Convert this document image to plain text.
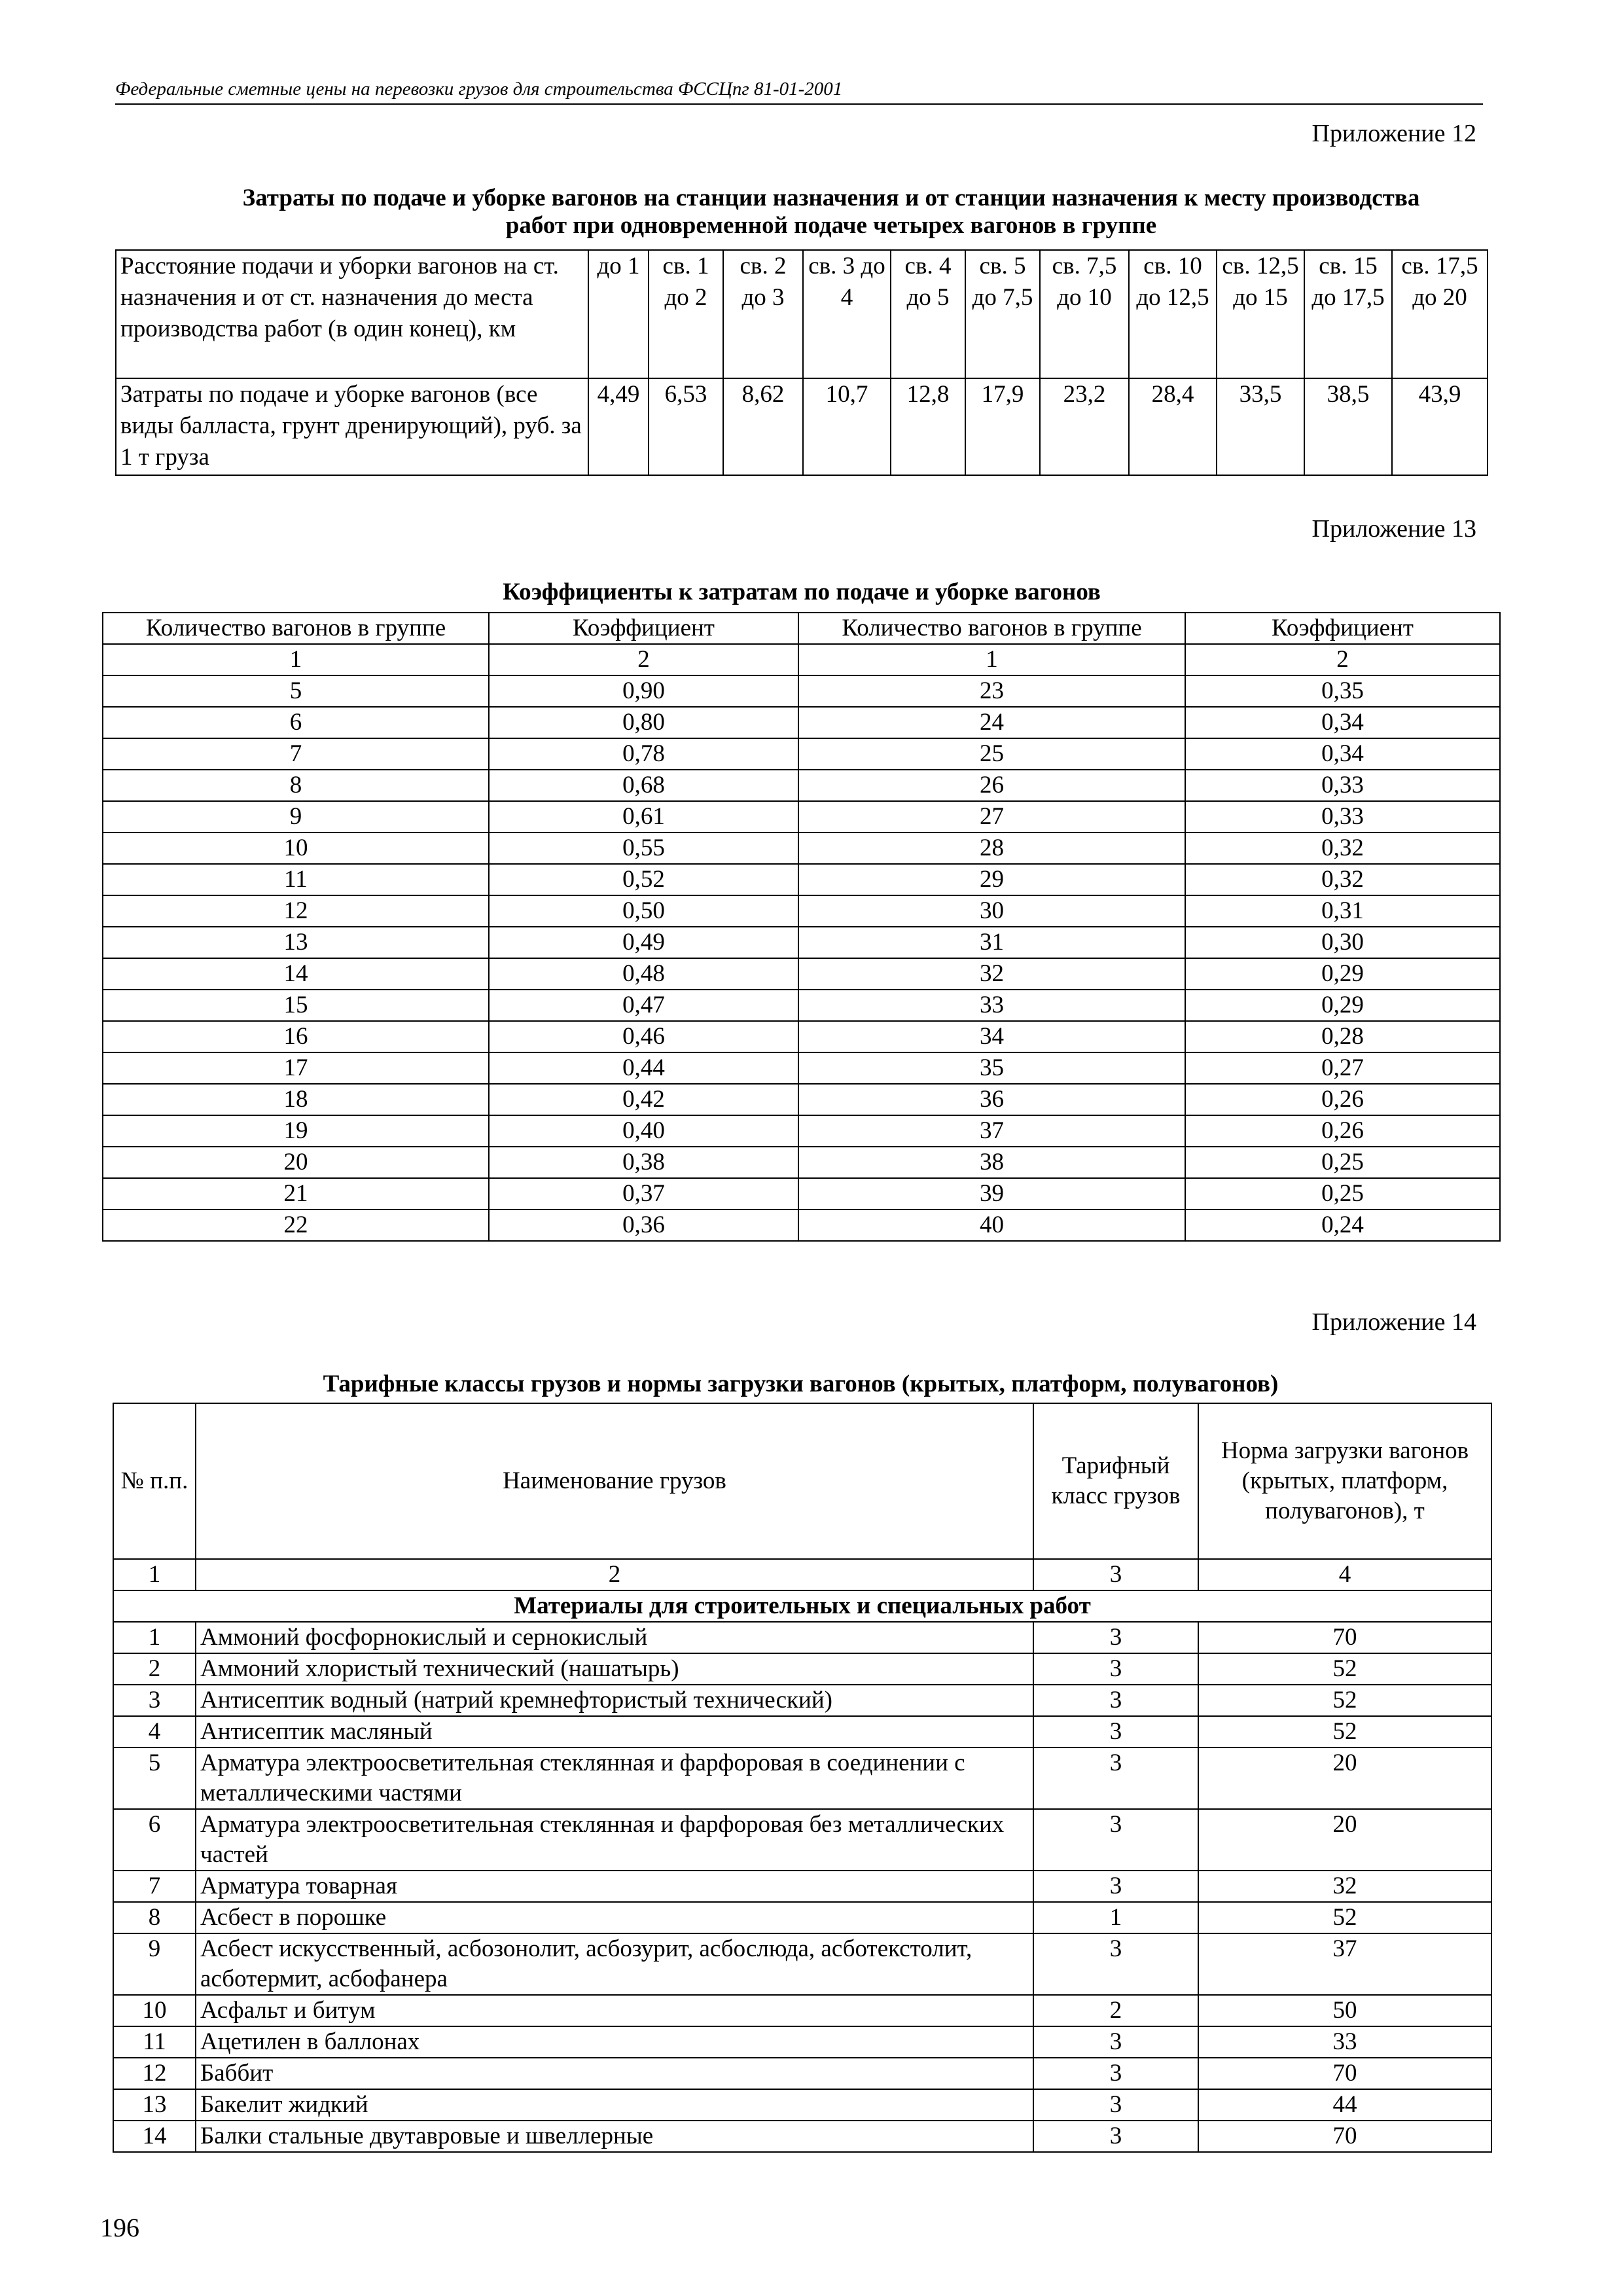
Федеральные сметные цены на перевозки грузов для строительства ФССЦпг 81-01-2001
Приложение 12
Затраты по подаче и уборке вагонов на станции назначения и от станции назначения к месту производства работ при одновременной подаче четырех вагонов в группе
Расстояние подачи и уборки вагонов на ст. назначения и от ст. назначения до места производства работ (в один конец), км	до 1	св. 1 до 2	св. 2 до 3	св. 3 до 4	св. 4 до 5	св. 5 до 7,5	св. 7,5 до 10	св. 10 до 12,5	св. 12,5 до 15	св. 15 до 17,5	св. 17,5 до 20
Затраты по подаче и уборке вагонов (все виды балласта, грунт дренирующий), руб. за 1 т груза	4,49	6,53	8,62	10,7	12,8	17,9	23,2	28,4	33,5	38,5	43,9
Приложение 13
Коэффициенты к затратам по подаче и уборке вагонов
Количество вагонов в группе	Коэффициент	Количество вагонов в группе	Коэффициент
1	2	1	2
5	0,90	23	0,35
6	0,80	24	0,34
7	0,78	25	0,34
8	0,68	26	0,33
9	0,61	27	0,33
10	0,55	28	0,32
11	0,52	29	0,32
12	0,50	30	0,31
13	0,49	31	0,30
14	0,48	32	0,29
15	0,47	33	0,29
16	0,46	34	0,28
17	0,44	35	0,27
18	0,42	36	0,26
19	0,40	37	0,26
20	0,38	38	0,25
21	0,37	39	0,25
22	0,36	40	0,24
Приложение 14
Тарифные классы грузов и нормы загрузки вагонов (крытых, платформ, полувагонов)
№ п.п.	Наименование грузов	Тарифный класс грузов	Норма загрузки вагонов (крытых, платформ, полувагонов), т
1	2	3	4
Материалы для строительных и специальных работ			
1	Аммоний фосфорнокислый и сернокислый	3	70
2	Аммоний хлористый технический (нашатырь)	3	52
3	Антисептик водный (натрий кремнефтористый технический)	3	52
4	Антисептик масляный	3	52
5	Арматура электроосветительная стеклянная и фарфоровая в соединении с металлическими частями	3	20
6	Арматура электроосветительная стеклянная и фарфоровая без металлических частей	3	20
7	Арматура товарная	3	32
8	Асбест в порошке	1	52
9	Асбест искусственный, асбозонолит, асбозурит, асбослюда, асботекстолит, асботермит, асбофанера	3	37
10	Асфальт и битум	2	50
11	Ацетилен в баллонах	3	33
12	Баббит	3	70
13	Бакелит жидкий	3	44
14	Балки стальные двутавровые и швеллерные	3	70
196
